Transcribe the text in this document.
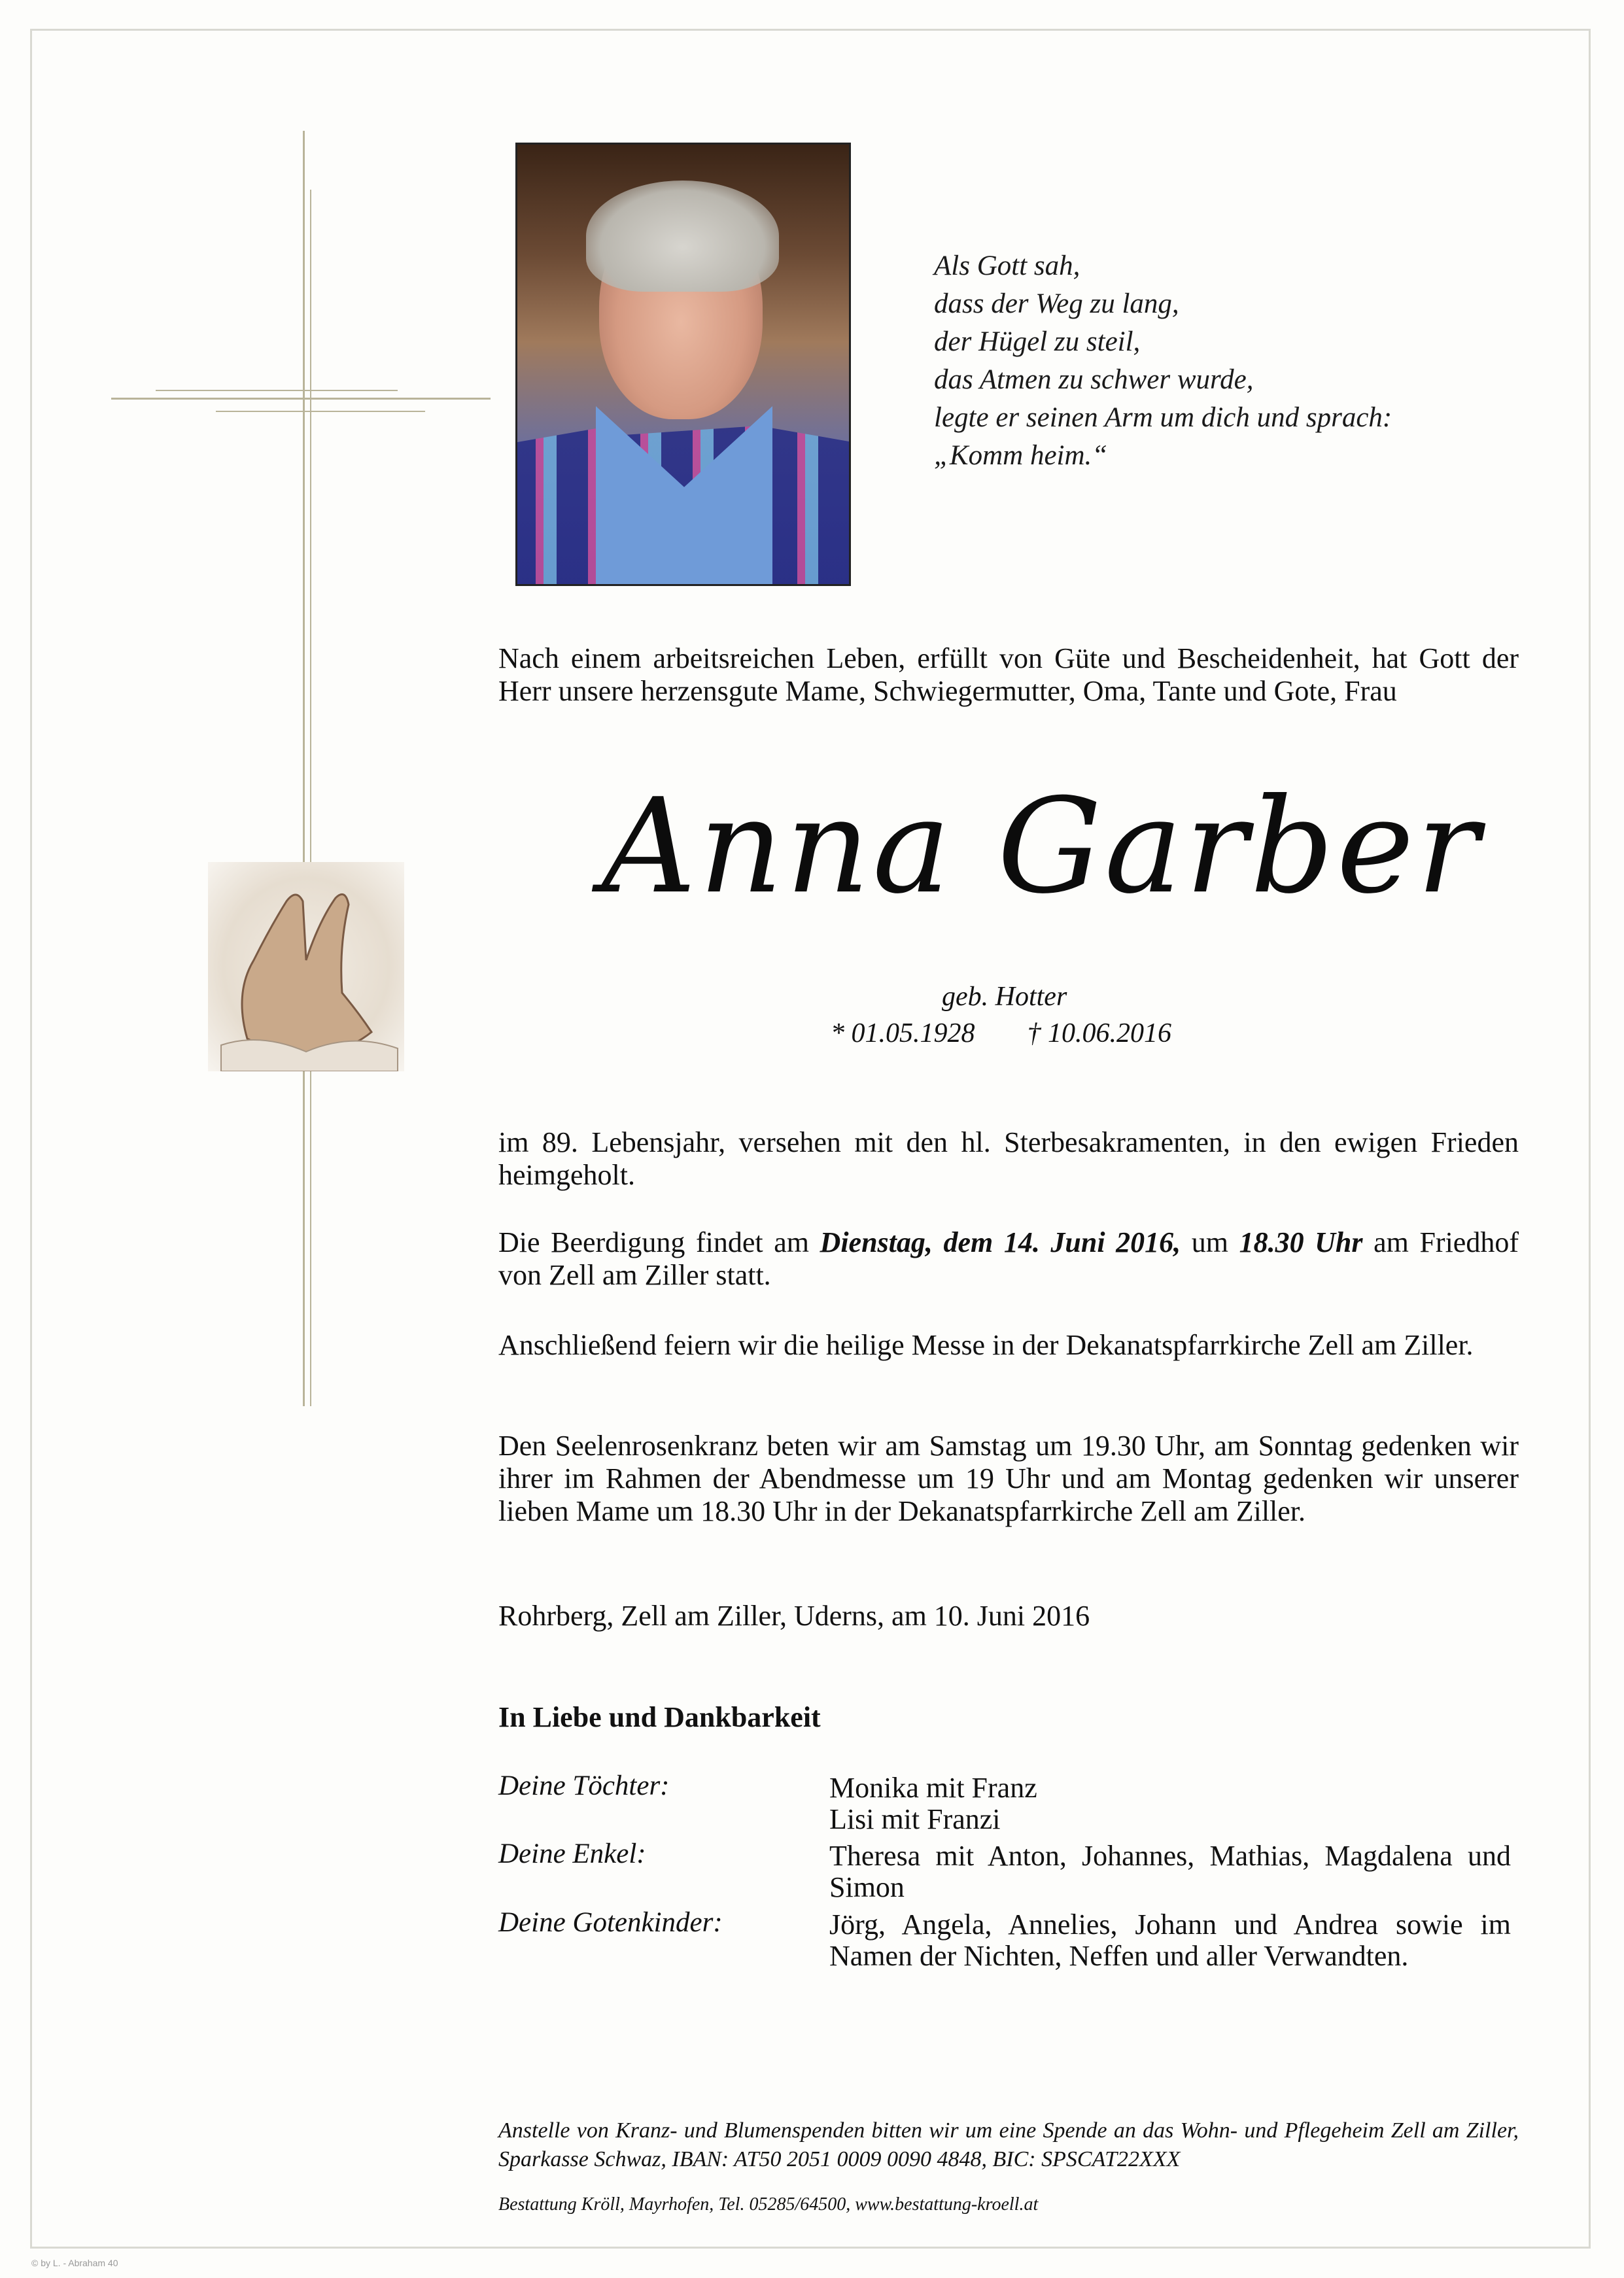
Als Gott sah,
dass der Weg zu lang,
der Hügel zu steil,
das Atmen zu schwer wurde,
legte er seinen Arm um dich und sprach:
„Komm heim.“
Nach einem arbeitsreichen Leben, erfüllt von Güte und Bescheidenheit, hat Gott der Herr unsere herzensgute Mame, Schwiegermutter, Oma, Tante und Gote, Frau
Anna Garber
geb. Hotter
* 01.05.1928 † 10.06.2016
im 89. Lebensjahr, versehen mit den hl. Sterbesakramenten, in den ewigen Frieden heimgeholt.
Die Beerdigung findet am Dienstag, dem 14. Juni 2016, um 18.30 Uhr am Friedhof von Zell am Ziller statt.
Anschließend feiern wir die heilige Messe in der Dekanatspfarrkirche Zell am Ziller.
Den Seelenrosenkranz beten wir am Samstag um 19.30 Uhr, am Sonntag gedenken wir ihrer im Rahmen der Abendmesse um 19 Uhr und am Montag gedenken wir unserer lieben Mame um 18.30 Uhr in der Dekanatspfarrkirche Zell am Ziller.
Rohrberg, Zell am Ziller, Uderns, am 10. Juni 2016
In Liebe und Dankbarkeit
Deine Töchter:	Monika mit Franz
Lisi mit Franzi
Deine Enkel:	Theresa mit Anton, Johannes, Mathias, Magdalena und Simon
Deine Gotenkinder:	Jörg, Angela, Annelies, Johann und Andrea sowie im Namen der Nichten, Neffen und aller Verwandten.
Anstelle von Kranz- und Blumenspenden bitten wir um eine Spende an das Wohn- und Pflegeheim Zell am Ziller, Sparkasse Schwaz, IBAN: AT50 2051 0009 0090 4848, BIC: SPSCAT22XXX
Bestattung Kröll, Mayrhofen, Tel. 05285/64500, www.bestattung-kroell.at
© by L. - Abraham 40
